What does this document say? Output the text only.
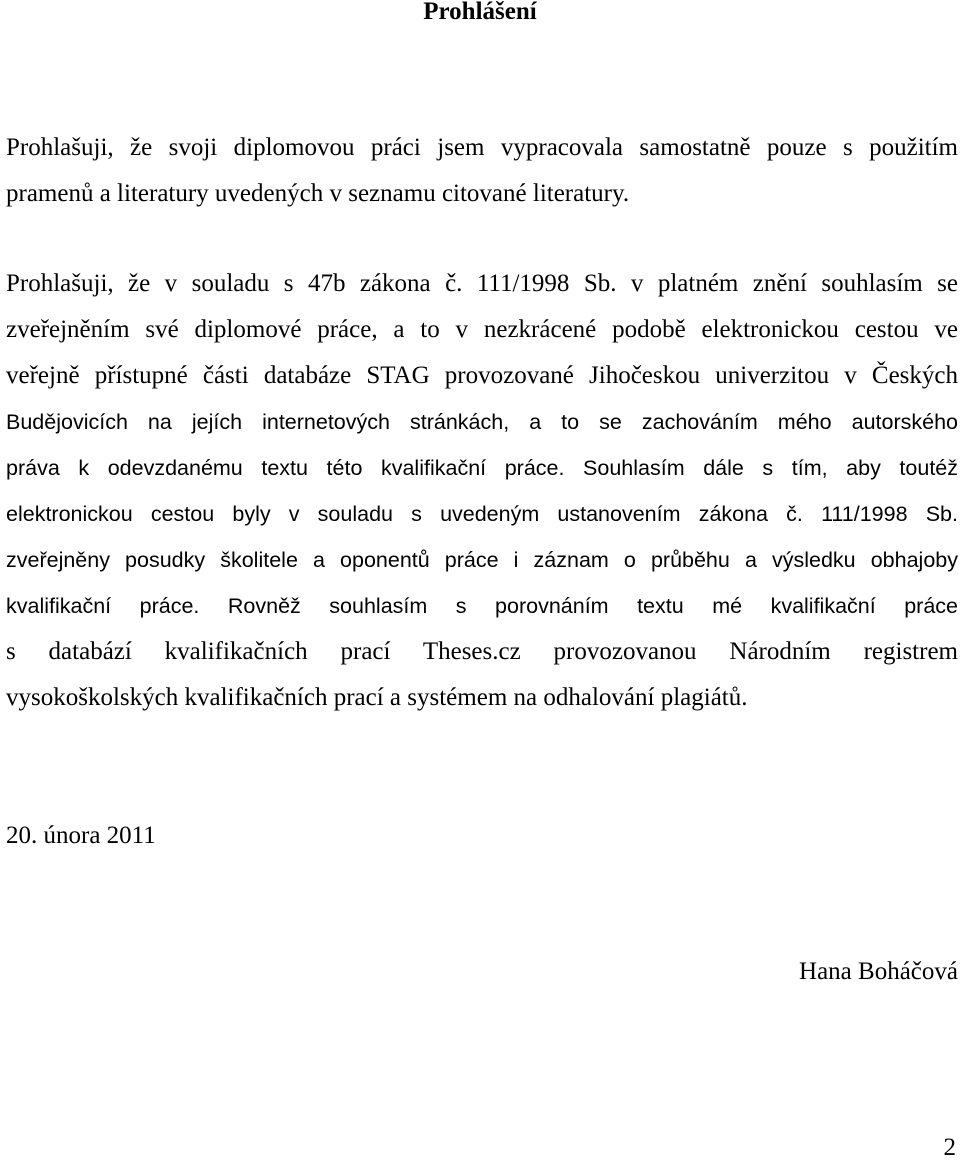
Prohlášení
Prohlašuji, že svoji diplomovou práci jsem vypracovala samostatně pouze s použitím
pramenů a literatury uvedených v seznamu citované literatury.
Prohlašuji, že v souladu s 47b zákona č. 111/1998 Sb. v platném znění souhlasím se
zveřejněním své diplomové práce, a to v nezkrácené podobě elektronickou cestou ve
veřejně přístupné části databáze STAG provozované Jihočeskou univerzitou v Českých
Budějovicích na jejích internetových stránkách, a to se zachováním mého autorského
práva k odevzdanému textu této kvalifikační práce. Souhlasím dále s tím, aby toutéž
elektronickou cestou byly v souladu s uvedeným ustanovením zákona č. 111/1998 Sb.
zveřejněny posudky školitele a oponentů práce i záznam o průběhu a výsledku obhajoby
kvalifikační práce. Rovněž souhlasím s porovnáním textu mé kvalifikační práce
s databází kvalifikačních prací Theses.cz provozovanou Národním registrem
vysokoškolských kvalifikačních prací a systémem na odhalování plagiátů.
20. února 2011
Hana Boháčová
2
